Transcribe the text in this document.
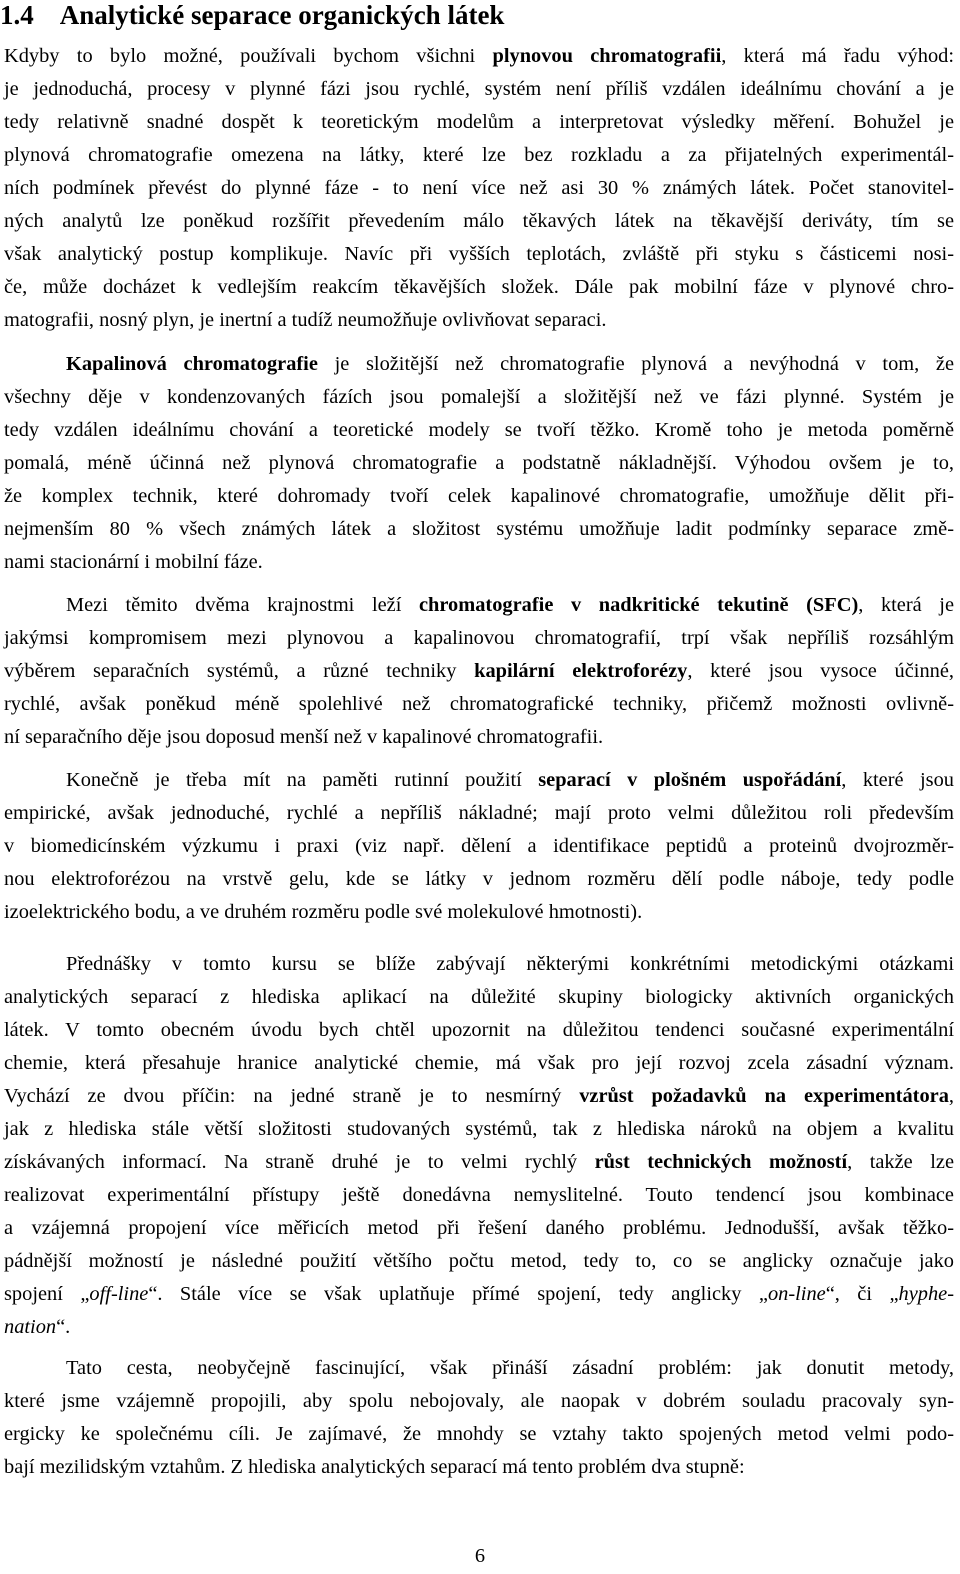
1.4 Analytické separace organických látek
Kdyby to bylo možné, používali bychom všichni plynovou chromatografii, která má řadu výhod:
je jednoduchá, procesy v plynné fázi jsou rychlé, systém není příliš vzdálen ideálnímu chování a je
tedy relativně snadné dospět k teoretickým modelům a interpretovat výsledky měření. Bohužel je
plynová chromatografie omezena na látky, které lze bez rozkladu a za přijatelných experimentál-
ních podmínek převést do plynné fáze - to není více než asi 30 % známých látek. Počet stanovitel-
ných analytů lze poněkud rozšířit převedením málo těkavých látek na těkavější deriváty, tím se
však analytický postup komplikuje. Navíc při vyšších teplotách, zvláště při styku s částicemi nosi-
če, může docházet k vedlejším reakcím těkavějších složek. Dále pak mobilní fáze v plynové chro-
matografii, nosný plyn, je inertní a tudíž neumožňuje ovlivňovat separaci.
Kapalinová chromatografie je složitější než chromatografie plynová a nevýhodná v tom, že
všechny děje v kondenzovaných fázích jsou pomalejší a složitější než ve fázi plynné. Systém je
tedy vzdálen ideálnímu chování a teoretické modely se tvoří těžko. Kromě toho je metoda poměrně
pomalá, méně účinná než plynová chromatografie a podstatně nákladnější. Výhodou ovšem je to,
že komplex technik, které dohromady tvoří celek kapalinové chromatografie, umožňuje dělit při-
nejmenším 80 % všech známých látek a složitost systému umožňuje ladit podmínky separace změ-
nami stacionární i mobilní fáze.
Mezi těmito dvěma krajnostmi leží chromatografie v nadkritické tekutině (SFC), která je
jakýmsi kompromisem mezi plynovou a kapalinovou chromatografií, trpí však nepříliš rozsáhlým
výběrem separačních systémů, a různé techniky kapilární elektroforézy, které jsou vysoce účinné,
rychlé, avšak poněkud méně spolehlivé než chromatografické techniky, přičemž možnosti ovlivně-
ní separačního děje jsou doposud menší než v kapalinové chromatografii.
Konečně je třeba mít na paměti rutinní použití separací v plošném uspořádání, které jsou
empirické, avšak jednoduché, rychlé a nepříliš nákladné; mají proto velmi důležitou roli především
v biomedicínském výzkumu i praxi (viz např. dělení a identifikace peptidů a proteinů dvojrozměr-
nou elektroforézou na vrstvě gelu, kde se látky v jednom rozměru dělí podle náboje, tedy podle
izoelektrického bodu, a ve druhém rozměru podle své molekulové hmotnosti).
Přednášky v tomto kursu se blíže zabývají některými konkrétními metodickými otázkami
analytických separací z hlediska aplikací na důležité skupiny biologicky aktivních organických
látek. V tomto obecném úvodu bych chtěl upozornit na důležitou tendenci současné experimentální
chemie, která přesahuje hranice analytické chemie, má však pro její rozvoj zcela zásadní význam.
Vychází ze dvou příčin: na jedné straně je to nesmírný vzrůst požadavků na experimentátora,
jak z hlediska stále větší složitosti studovaných systémů, tak z hlediska nároků na objem a kvalitu
získávaných informací. Na straně druhé je to velmi rychlý růst technických možností, takže lze
realizovat experimentální přístupy ještě donedávna nemyslitelné. Touto tendencí jsou kombinace
a vzájemná propojení více měřicích metod při řešení daného problému. Jednodušší, avšak těžko-
pádnější možností je následné použití většího počtu metod, tedy to, co se anglicky označuje jako
spojení „off-line“. Stále více se však uplatňuje přímé spojení, tedy anglicky „on-line“, či „hyphe-
nation“.
Tato cesta, neobyčejně fascinující, však přináší zásadní problém: jak donutit metody,
které jsme vzájemně propojili, aby spolu nebojovaly, ale naopak v dobrém souladu pracovaly syn-
ergicky ke společnému cíli. Je zajímavé, že mnohdy se vztahy takto spojených metod velmi podo-
bají mezilidským vztahům. Z hlediska analytických separací má tento problém dva stupně:
6
